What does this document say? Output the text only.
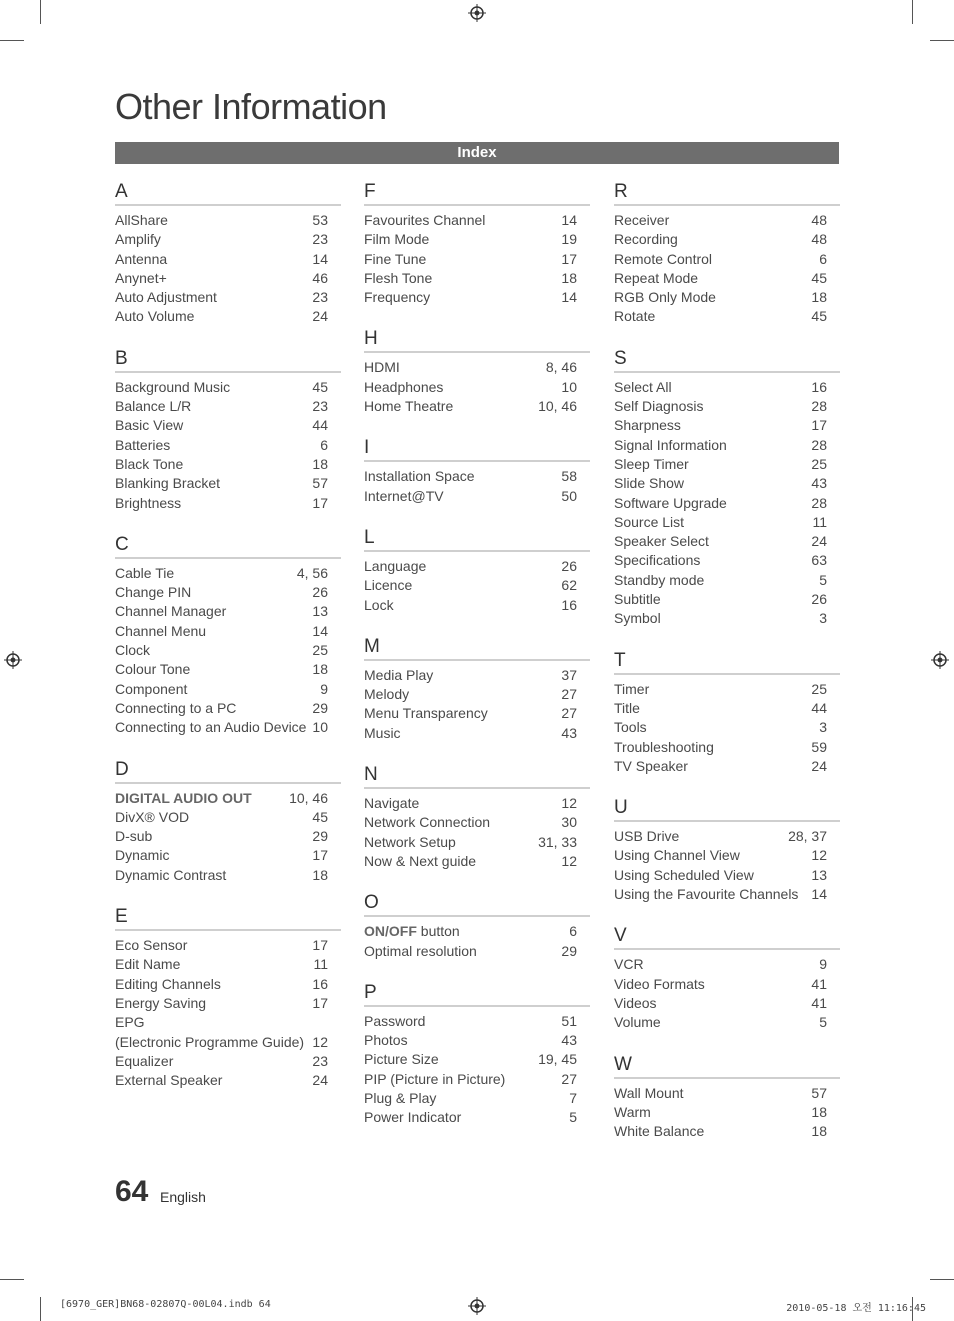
Other Information
Index
A
AllShare	53
Amplify	23
Antenna	14
Anynet+	46
Auto Adjustment	23
Auto Volume	24
B
Background Music	45
Balance L/R	23
Basic View	44
Batteries	6
Black Tone	18
Blanking Bracket	57
Brightness	17
C
Cable Tie	4, 56
Change PIN	26
Channel Manager	13
Channel Menu	14
Clock	25
Colour Tone	18
Component	9
Connecting to a PC	29
Connecting to an Audio Device 10
D
DIGITAL AUDIO OUT	10, 46
DivX® VOD	45
D-sub	29
Dynamic	17
Dynamic Contrast	18
E
Eco Sensor	17
Edit Name	11
Editing Channels	16
Energy Saving	17
EPG
(Electronic Programme Guide) 12
Equalizer	23
External Speaker	24
F
Favourites Channel	14
Film Mode	19
Fine Tune	17
Flesh Tone	18
Frequency	14
H
HDMI	8, 46
Headphones	10
Home Theatre	10, 46
I
Installation Space	58
Internet@TV	50
L
Language	26
Licence	62
Lock	16
M
Media Play	37
Melody	27
Menu Transparency	27
Music	43
N
Navigate	12
Network Connection	30
Network Setup	31, 33
Now & Next guide	12
O
ON/OFF button	6
Optimal resolution	29
P
Password	51
Photos	43
Picture Size	19, 45
PIP (Picture in Picture)	27
Plug & Play	7
Power Indicator	5
R
Receiver	48
Recording	48
Remote Control	6
Repeat Mode	45
RGB Only Mode	18
Rotate	45
S
Select All	16
Self Diagnosis	28
Sharpness	17
Signal Information	28
Sleep Timer	25
Slide Show	43
Software Upgrade	28
Source List	11
Speaker Select	24
Specifications	63
Standby mode	5
Subtitle	26
Symbol	3
T
Timer	25
Title	44
Tools	3
Troubleshooting	59
TV Speaker	24
U
USB Drive	28, 37
Using Channel View	12
Using Scheduled View	13
Using the Favourite Channels 14
V
VCR	9
Video Formats	41
Videos	41
Volume	5
W
Wall Mount	57
Warm	18
White Balance	18
64 English
[6970_GER]BN68-02807Q-00L04.indb 64	2010-05-18 오전 11:16:45
